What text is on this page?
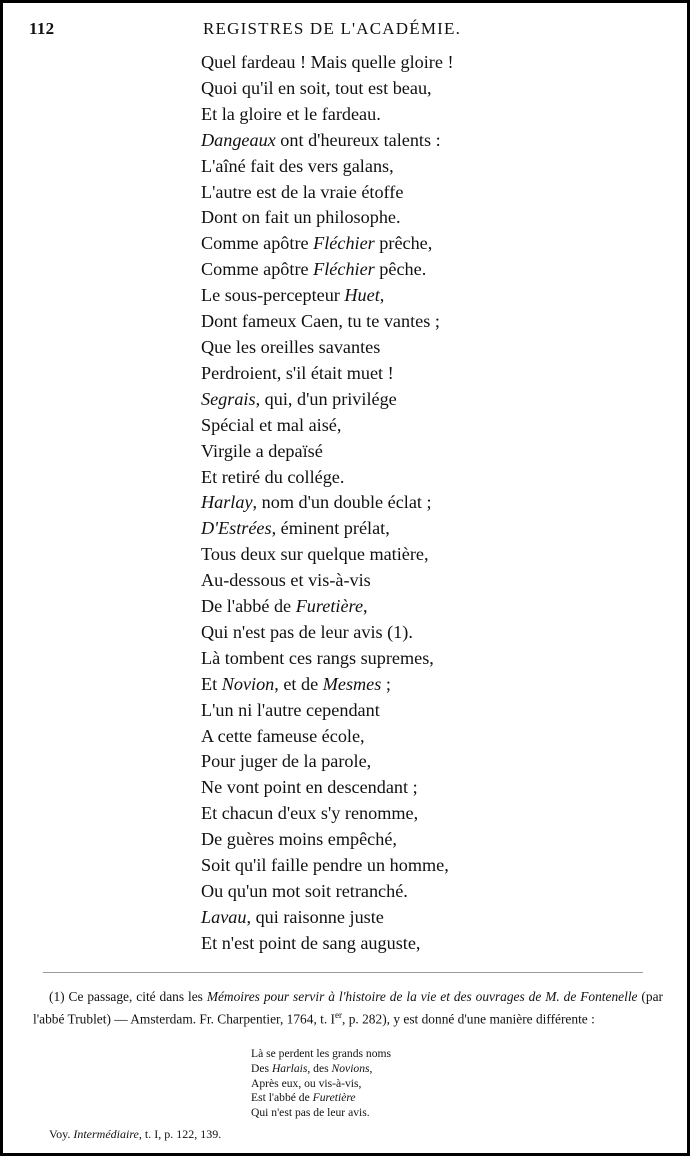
112	REGISTRES DE L'ACADÉMIE.
Quel fardeau ! Mais quelle gloire !
Quoi qu'il en soit, tout est beau,
Et la gloire et le fardeau.
Dangeaux ont d'heureux talents :
L'aîné fait des vers galans,
L'autre est de la vraie étoffe
Dont on fait un philosophe.
Comme apôtre Fléchier prêche,
Comme apôtre Fléchier pêche.
Le sous-percepteur Huet,
Dont fameux Caen, tu te vantes ;
Que les oreilles savantes
Perdroient, s'il était muet !
Segrais, qui, d'un privilége
Spécial et mal aisé,
Virgile a depaïsé
Et retiré du collége.
Harlay, nom d'un double éclat ;
D'Estrées, éminent prélat,
Tous deux sur quelque matière,
Au-dessous et vis-à-vis
De l'abbé de Furetière,
Qui n'est pas de leur avis (1).
Là tombent ces rangs supremes,
Et Novion, et de Mesmes ;
L'un ni l'autre cependant
A cette fameuse école,
Pour juger de la parole,
Ne vont point en descendant ;
Et chacun d'eux s'y renomme,
De guères moins empêché,
Soit qu'il faille pendre un homme,
Ou qu'un mot soit retranché.
Lavau, qui raisonne juste
Et n'est point de sang auguste,

(1) Ce passage, cité dans les Mémoires pour servir à l'histoire de la vie et des ouvrages de M. de Fontenelle (par l'abbé Trublet) — Amsterdam. Fr. Charpentier, 1764, t. Ier, p. 282), y est donné d'une manière différente :

Là se perdent les grands noms
Des Harlais, des Novions,
Après eux, ou vis-à-vis,
Est l'abbé de Furetière
Qui n'est pas de leur avis.
Voy. Intermédiaire, t. I, p. 122, 139.
